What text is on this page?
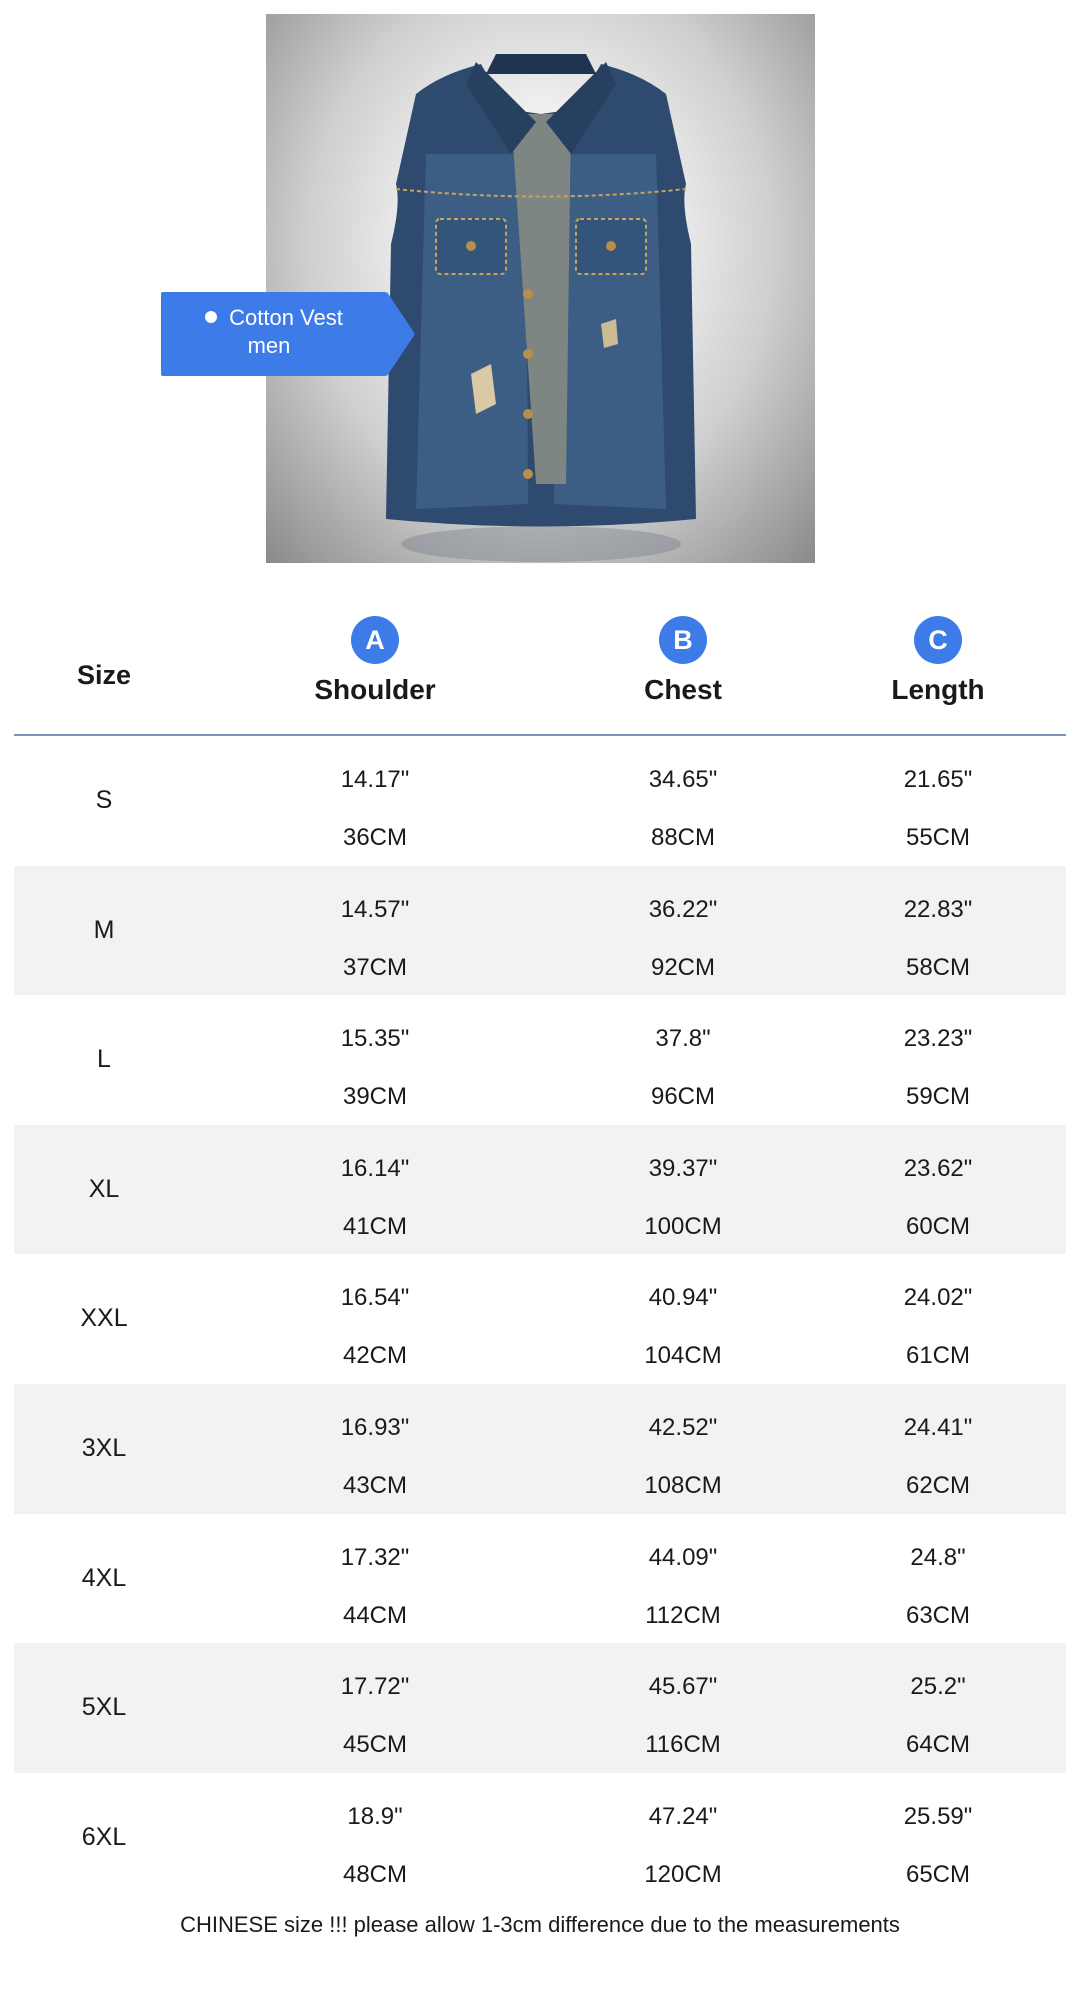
Cotton Vest
men
Size
A
Shoulder
B
Chest
C
Length
S
14.17"
36CM
34.65"
88CM
21.65"
55CM
M
14.57"
37CM
36.22"
92CM
22.83"
58CM
L
15.35"
39CM
37.8"
96CM
23.23"
59CM
XL
16.14"
41CM
39.37"
100CM
23.62"
60CM
XXL
16.54"
42CM
40.94"
104CM
24.02"
61CM
3XL
16.93"
43CM
42.52"
108CM
24.41"
62CM
4XL
17.32"
44CM
44.09"
112CM
24.8"
63CM
5XL
17.72"
45CM
45.67"
116CM
25.2"
64CM
6XL
18.9"
48CM
47.24"
120CM
25.59"
65CM
CHINESE size !!! please allow 1-3cm difference due to the measurements
